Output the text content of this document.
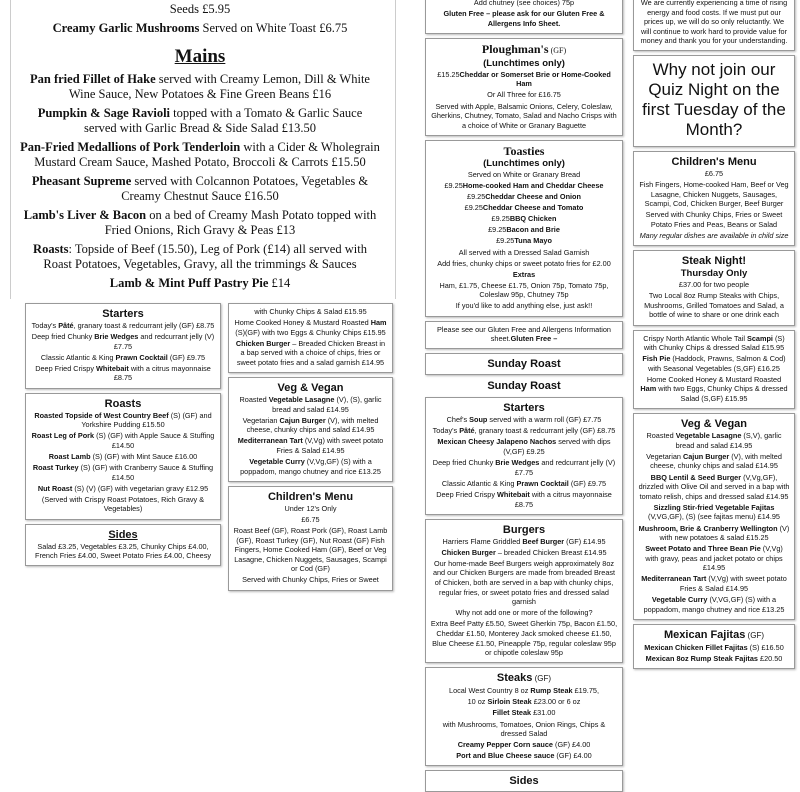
Seeds £5.95
Creamy Garlic Mushrooms Served on White Toast £6.75
Mains
Pan fried Fillet of Hake served with Creamy Lemon, Dill & White Wine Sauce, New Potatoes & Fine Green Beans £16
Pumpkin & Sage Ravioli topped with a Tomato & Garlic Sauce served with Garlic Bread & Side Salad £13.50
Pan-Fried Medallions of Pork Tenderloin with a Cider & Wholegrain Mustard Cream Sauce, Mashed Potato, Broccoli & Carrots £15.50
Pheasant Supreme served with Colcannon Potatoes, Vegetables & Creamy Chestnut Sauce £16.50
Lamb's Liver & Bacon on a bed of Creamy Mash Potato topped with Fried Onions, Rich Gravy & Peas £13
Roasts: Topside of Beef (15.50), Leg of Pork (£14) all served with Roast Potatoes, Vegetables, Gravy, all the trimmings & Sauces
Lamb & Mint Puff Pastry Pie £14
Starters
Today's Pâté, granary toast & redcurrant jelly (GF) £8.75
Deep fried Chunky Brie Wedges and redcurrant jelly (V) £7.75
Classic Atlantic & King Prawn Cocktail (GF) £9.75
Deep Fried Crispy Whitebait with a citrus mayonnaise £8.75
Roasts
Roasted Topside of West Country Beef (S) (GF) and Yorkshire Pudding £15.50
Roast Leg of Pork (S) (GF) with Apple Sauce & Stuffing £14.50
Roast Lamb (S) (GF) with Mint Sauce £16.00
Roast Turkey (S) (GF) with Cranberry Sauce & Stuffing £14.50
Nut Roast (S) (V) (GF) with vegetarian gravy £12.95
(Served with Crispy Roast Potatoes, Rich Gravy & Vegetables)
Sides
Salad £3.25, Vegetables £3.25, Chunky Chips £4.00, French Fries £4.00, Sweet Potato Fries £4.00, Cheesy
with Chunky Chips & Salad £15.95
Home Cooked Honey & Mustard Roasted Ham (S)(GF) with two Eggs & Chunky Chips £15.95
Chicken Burger – Breaded Chicken Breast in a bap served with a choice of chips, fries or sweet potato fries and a salad garnish £14.95
Veg & Vegan
Roasted Vegetable Lasagne (V), (S), garlic bread and salad £14.95
Vegetarian Cajun Burger (V), with melted cheese, chunky chips and salad £14.95
Mediterranean Tart (V,Vg) with sweet potato Fries & Salad £14.95
Vegetable Curry (V,Vg,GF) (S) with a poppadom, mango chutney and rice £13.25
Children's Menu
Under 12's Only
£6.75
Roast Beef (GF), Roast Pork (GF), Roast Lamb (GF), Roast Turkey (GF), Nut Roast (GF) Fish Fingers, Home Cooked Ham (GF), Beef or Veg Lasagne, Chicken Nuggets, Sausages, Scampi or Cod (GF)
Served with Chunky Chips, Fries or Sweet
Add chutney (see choices) 75p
Gluten Free – please ask for our Gluten Free & Allergens Info Sheet.
Ploughman's (GF)
(Lunchtimes only)
£15.25Cheddar or Somerset Brie or Home-Cooked Ham
Or All Three for £16.75
Served with Apple, Balsamic Onions, Celery, Coleslaw, Gherkins, Chutney, Tomato, Salad and Nacho Crisps with a choice of White or Granary Baguette
Toasties
(Lunchtimes only)
Served on White or Granary Bread
£9.25Home-cooked Ham and Cheddar Cheese
£9.25Cheddar Cheese and Onion
£9.25Cheddar Cheese and Tomato
£9.25BBQ Chicken
£9.25Bacon and Brie
£9.25Tuna Mayo
All served with a Dressed Salad Garnish
Add fries, chunky chips or sweet potato fries for £2.00
Extras
Ham, £1.75, Cheese £1.75, Onion 75p, Tomato 75p, Coleslaw 95p, Chutney 75p
If you'd like to add anything else, just ask!!
Please see our Gluten Free and Allergens Information sheet.Gluten Free –
Sunday Roast
Sunday Roast
Starters
Chef's Soup served with a warm roll (GF) £7.75
Today's Pâté, granary toast & redcurrant jelly (GF) £8.75
Mexican Cheesy Jalapeno Nachos served with dips (V,GF) £9.25
Deep fried Chunky Brie Wedges and redcurrant jelly (V) £7.75
Classic Atlantic & King Prawn Cocktail (GF) £9.75
Deep Fried Crispy Whitebait with a citrus mayonnaise £8.75
Burgers
Harriers Flame Griddled Beef Burger (GF) £14.95
Chicken Burger – breaded Chicken Breast £14.95
Our home-made Beef Burgers weigh approximately 8oz and our Chicken Burgers are made from breaded Breast of Chicken, both are served in a bap with chunky chips, regular fries, or sweet potato fries and dressed salad garnish
Why not add one or more of the following?
Extra Beef Patty £5.50, Sweet Gherkin 75p, Bacon £1.50, Cheddar £1.50, Monterey Jack smoked cheese £1.50, Blue Cheese £1.50, Pineapple 75p, regular coleslaw 95p or chipotle coleslaw 95p
Steaks (GF)
Local West Country 8 oz Rump Steak £19.75,
10 oz Sirloin Steak £23.00 or 6 oz
Fillet Steak £31.00
with Mushrooms, Tomatoes, Onion Rings, Chips & dressed Salad
Creamy Pepper Corn sauce (GF) £4.00
Port and Blue Cheese sauce (GF) £4.00
Sides
We are currently experiencing a time of rising energy and food costs. If we must put our prices up, we will do so only reluctantly. We will continue to work hard to provide value for money and thank you for your understanding.
Why not join our Quiz Night on the first Tuesday of the Month?
Children's Menu
£6.75
Fish Fingers, Home-cooked Ham, Beef or Veg Lasagne, Chicken Nuggets, Sausages, Scampi, Cod, Chicken Burger, Beef Burger
Served with Chunky Chips, Fries or Sweet Potato Fries and Peas, Beans or Salad
Many regular dishes are available in child size
Steak Night!
Thursday Only
£37.00 for two people
Two Local 8oz Rump Steaks with Chips, Mushrooms, Grilled Tomatoes and Salad, a bottle of wine to share or one drink each
Crispy North Atlantic Whole Tail Scampi (S) with Chunky Chips & dressed Salad £15.95
Fish Pie (Haddock, Prawns, Salmon & Cod) with Seasonal Vegetables (S,GF) £16.25
Home Cooked Honey & Mustard Roasted Ham with two Eggs, Chunky Chips & dressed Salad (S,GF) £15.95
Veg & Vegan
Roasted Vegetable Lasagne (S,V), garlic bread and salad £14.95
Vegetarian Cajun Burger (V), with melted cheese, chunky chips and salad £14.95
BBQ Lentil & Seed Burger (V,Vg,GF), drizzled with Olive Oil and served in a bap with tomato relish, chips and dressed salad £14.95
Sizzling Stir-fried Vegetable Fajitas (V,VG,GF), (S) (see fajitas menu) £14.95
Mushroom, Brie & Cranberry Wellington (V) with new potatoes & salad £15.25
Sweet Potato and Three Bean Pie (V,Vg) with gravy, peas and jacket potato or chips £14.95
Mediterranean Tart (V,Vg) with sweet potato Fries & Salad £14.95
Vegetable Curry (V,VG,GF) (S) with a poppadom, mango chutney and rice £13.25
Mexican Fajitas (GF)
Mexican Chicken Fillet Fajitas (S) £16.50
Mexican 8oz Rump Steak Fajitas £20.50
